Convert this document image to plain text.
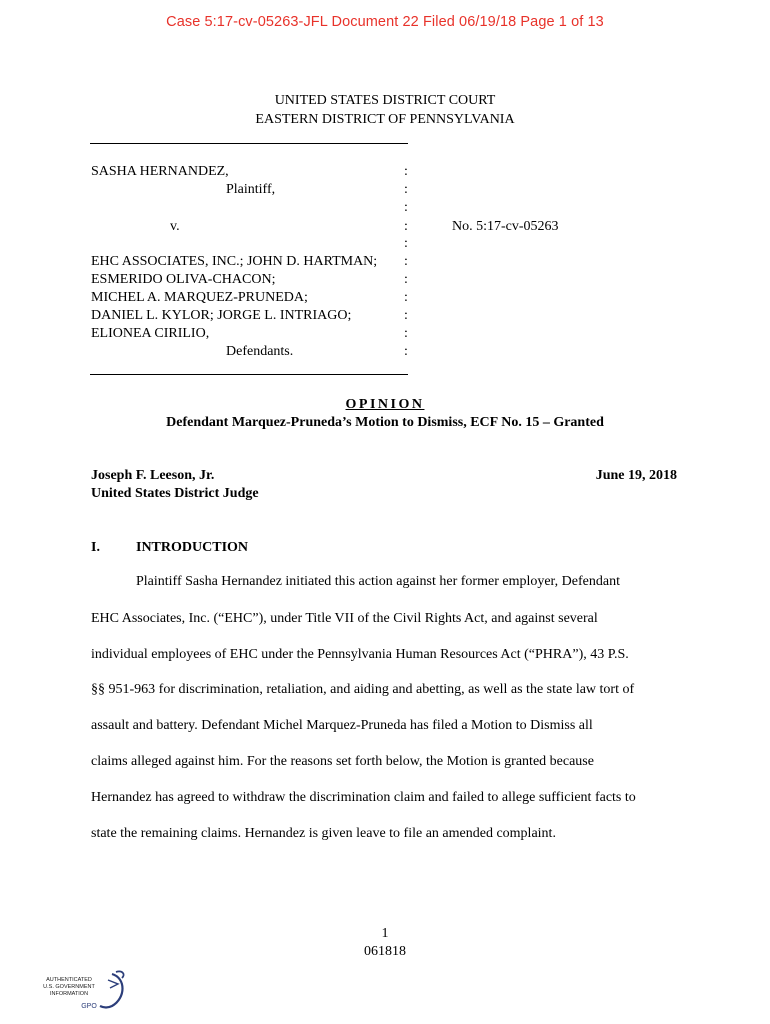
Case 5:17-cv-05263-JFL Document 22 Filed 06/19/18 Page 1 of 13
UNITED STATES DISTRICT COURT
EASTERN DISTRICT OF PENNSYLVANIA
SASHA HERNANDEZ,
Plaintiff,
v.
EHC ASSOCIATES, INC.; JOHN D. HARTMAN;
ESMERIDO OLIVA-CHACON;
MICHEL A. MARQUEZ-PRUNEDA;
DANIEL L. KYLOR; JORGE L. INTRIAGO;
ELIONEA CIRILIO,
Defendants.
:
:
:
:
:
:
:
:
:
:
:
No. 5:17-cv-05263
OPINION
Defendant Marquez-Pruneda’s Motion to Dismiss, ECF No. 15 – Granted
Joseph F. Leeson, Jr.
United States District Judge
June 19, 2018
I.	INTRODUCTION
Plaintiff Sasha Hernandez initiated this action against her former employer, Defendant
EHC Associates, Inc. (“EHC”), under Title VII of the Civil Rights Act, and against several
individual employees of EHC under the Pennsylvania Human Resources Act (“PHRA”), 43 P.S.
§§ 951-963 for discrimination, retaliation, and aiding and abetting, as well as the state law tort of
assault and battery. Defendant Michel Marquez-Pruneda has filed a Motion to Dismiss all
claims alleged against him. For the reasons set forth below, the Motion is granted because
Hernandez has agreed to withdraw the discrimination claim and failed to allege sufficient facts to
state the remaining claims. Hernandez is given leave to file an amended complaint.
1
061818
AUTHENTICATED
U.S. GOVERNMENT
INFORMATION
GPO
